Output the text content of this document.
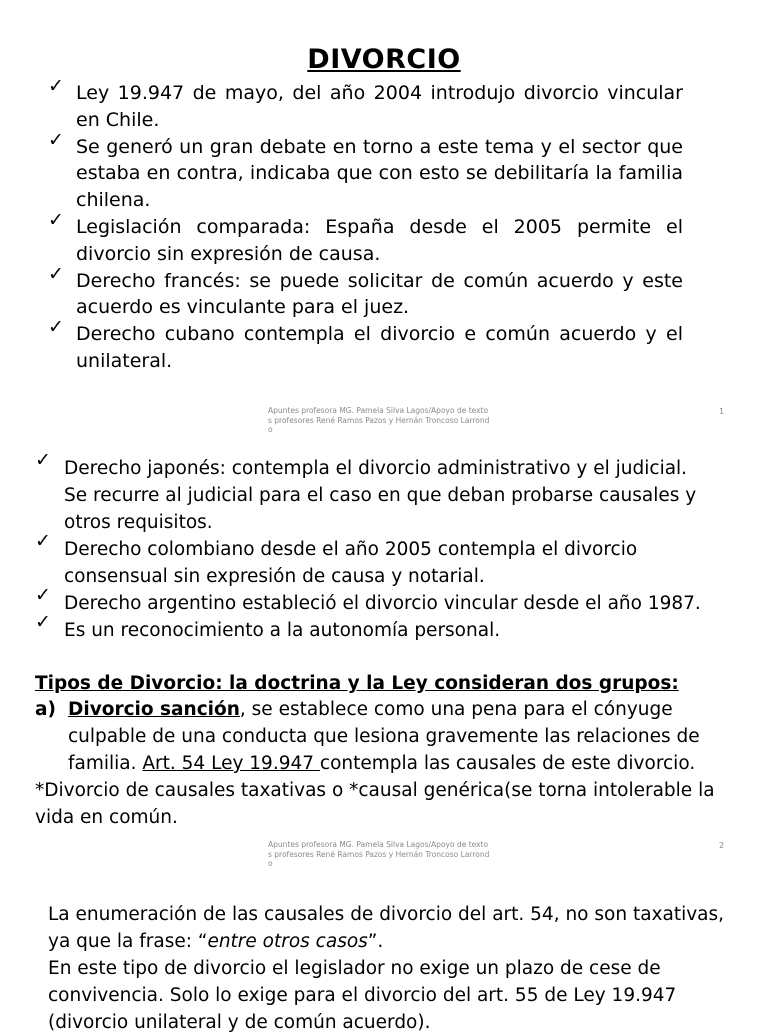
DIVORCIO
✓ Ley 19.947 de mayo, del año 2004 introdujo divorcio vincular en Chile.
✓ Se generó un gran debate en torno a este tema y el sector que estaba en contra, indicaba que con esto se debilitaría la familia chilena.
✓ Legislación comparada: España desde el 2005 permite el divorcio sin expresión de causa.
✓ Derecho francés: se puede solicitar de común acuerdo y este acuerdo es vinculante para el juez.
✓ Derecho cubano contempla el divorcio e común acuerdo y el unilateral.
Apuntes profesora MG. Pamela Silva Lagos/Apoyo de texto
s profesores René Ramos Pazos y Hernán Troncoso Larrond
o
1
✓ Derecho japonés: contempla el divorcio administrativo y el judicial. Se recurre al judicial para el caso en que deban probarse causales y otros requisitos.
✓ Derecho colombiano desde el año 2005 contempla el divorcio consensual sin expresión de causa y notarial.
✓ Derecho argentino estableció el divorcio vincular desde el año 1987.
✓ Es un reconocimiento a la autonomía personal.
Tipos de Divorcio: la doctrina y la Ley consideran dos grupos:
a) Divorcio sanción, se establece como una pena para el cónyuge culpable de una conducta que lesiona gravemente las relaciones de familia. Art. 54 Ley 19.947 contempla las causales de este divorcio.
*Divorcio de causales taxativas o *causal genérica(se torna intolerable la vida en común.
Apuntes profesora MG. Pamela Silva Lagos/Apoyo de texto
s profesores René Ramos Pazos y Hernán Troncoso Larrond
o
2

La enumeración de las causales de divorcio del art. 54, no son taxativas, ya que la frase: “entre otros casos”.

En este tipo de divorcio el legislador no exige un plazo de cese de convivencia. Solo lo exige para el divorcio del art. 55 de Ley 19.947 (divorcio unilateral y de común acuerdo).
